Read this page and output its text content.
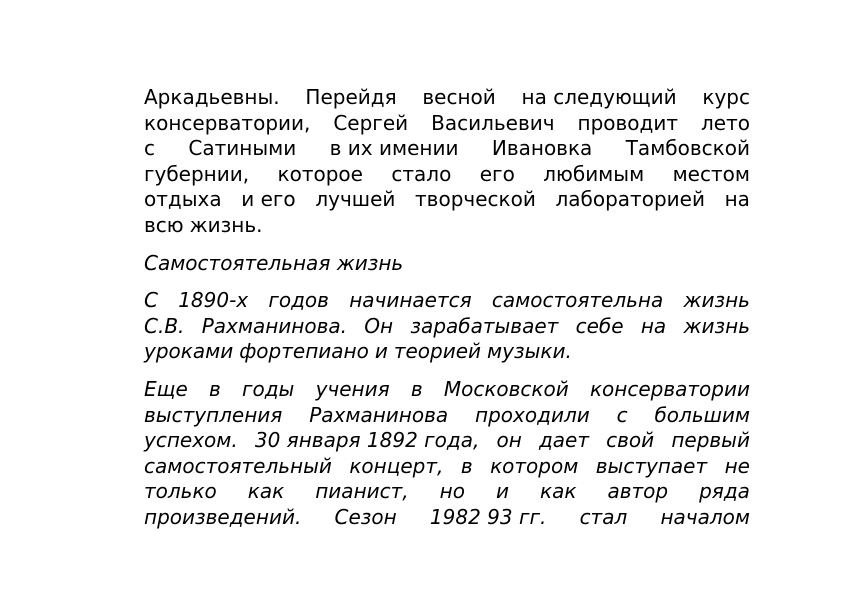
Аркадьевны. Перейдя весной на следующий курс
консерватории, Сергей Васильевич проводит лето
с Сатиными в их имении Ивановка Тамбовской
губернии, которое стало его любимым местом
отдыха и его лучшей творческой лабораторией на
всю жизнь.
Самостоятельная жизнь
С 1890-х годов начинается самостоятельна жизнь
С.В. Рахманинова. Он зарабатывает себе на жизнь
уроками фортепиано и теорией музыки.
Еще в годы учения в Московской консерватории
выступления Рахманинова проходили с большим
успехом. 30 января 1892 года, он дает свой первый
самостоятельный концерт, в котором выступает не
только как пианист, но и как автор ряда
произведений. Сезон 1982 93 гг. стал началом
